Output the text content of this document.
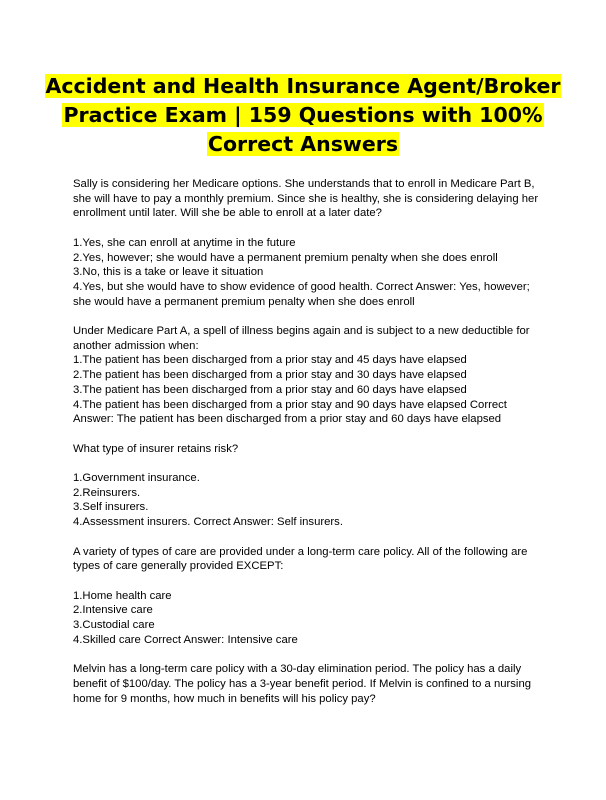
Accident and Health Insurance Agent/Broker
Practice Exam | 159 Questions with 100%
Correct Answers

Sally is considering her Medicare options. She understands that to enroll in Medicare Part B, she will have to pay a monthly premium. Since she is healthy, she is considering delaying her enrollment until later. Will she be able to enroll at a later date?

1.Yes, she can enroll at anytime in the future

2.Yes, however; she would have a permanent premium penalty when she does enroll

3.No, this is a take or leave it situation

4.Yes, but she would have to show evidence of good health. Correct Answer: Yes, however; she would have a permanent premium penalty when she does enroll

Under Medicare Part A, a spell of illness begins again and is subject to a new deductible for another admission when:

1.The patient has been discharged from a prior stay and 45 days have elapsed

2.The patient has been discharged from a prior stay and 30 days have elapsed

3.The patient has been discharged from a prior stay and 60 days have elapsed

4.The patient has been discharged from a prior stay and 90 days have elapsed Correct Answer: The patient has been discharged from a prior stay and 60 days have elapsed

What type of insurer retains risk?

1.Government insurance.

2.Reinsurers.

3.Self insurers.

4.Assessment insurers. Correct Answer: Self insurers.

A variety of types of care are provided under a long-term care policy. All of the following are types of care generally provided EXCEPT:

1.Home health care

2.Intensive care

3.Custodial care

4.Skilled care Correct Answer: Intensive care

Melvin has a long-term care policy with a 30-day elimination period. The policy has a daily benefit of $100/day. The policy has a 3-year benefit period. If Melvin is confined to a nursing home for 9 months, how much in benefits will his policy pay?
